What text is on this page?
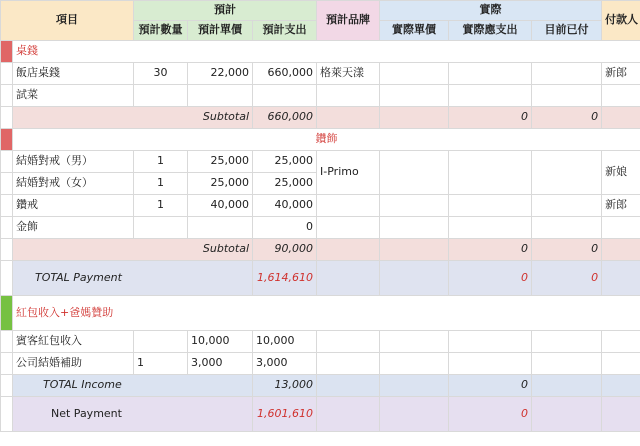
項目		預計			預計品牌	實際			付款人
		預計數量	預計單價	預計支出		實際單價	實際應支出	目前已付	
	桌錢								
	飯店桌錢	30	22,000	660,000	格萊天漾				新郎
	試菜								
	Subtotal			660,000			0	0	
	鑽飾								
	結婚對戒（男）	1	25,000	25,000	I-Primo				新娘
	結婚對戒（女）	1	25,000	25,000					
	鑽戒	1	40,000	40,000					新郎
	金飾			0					
	Subtotal			90,000			0	0	
	TOTAL Payment			1,614,610			0	0	
	紅包收入+爸媽贊助								
	賓客紅包收入		10,000	10,000					
	公司結婚補助	1	3,000	3,000					
	TOTAL Income			13,000			0		
	Net Payment			1,601,610			0		
